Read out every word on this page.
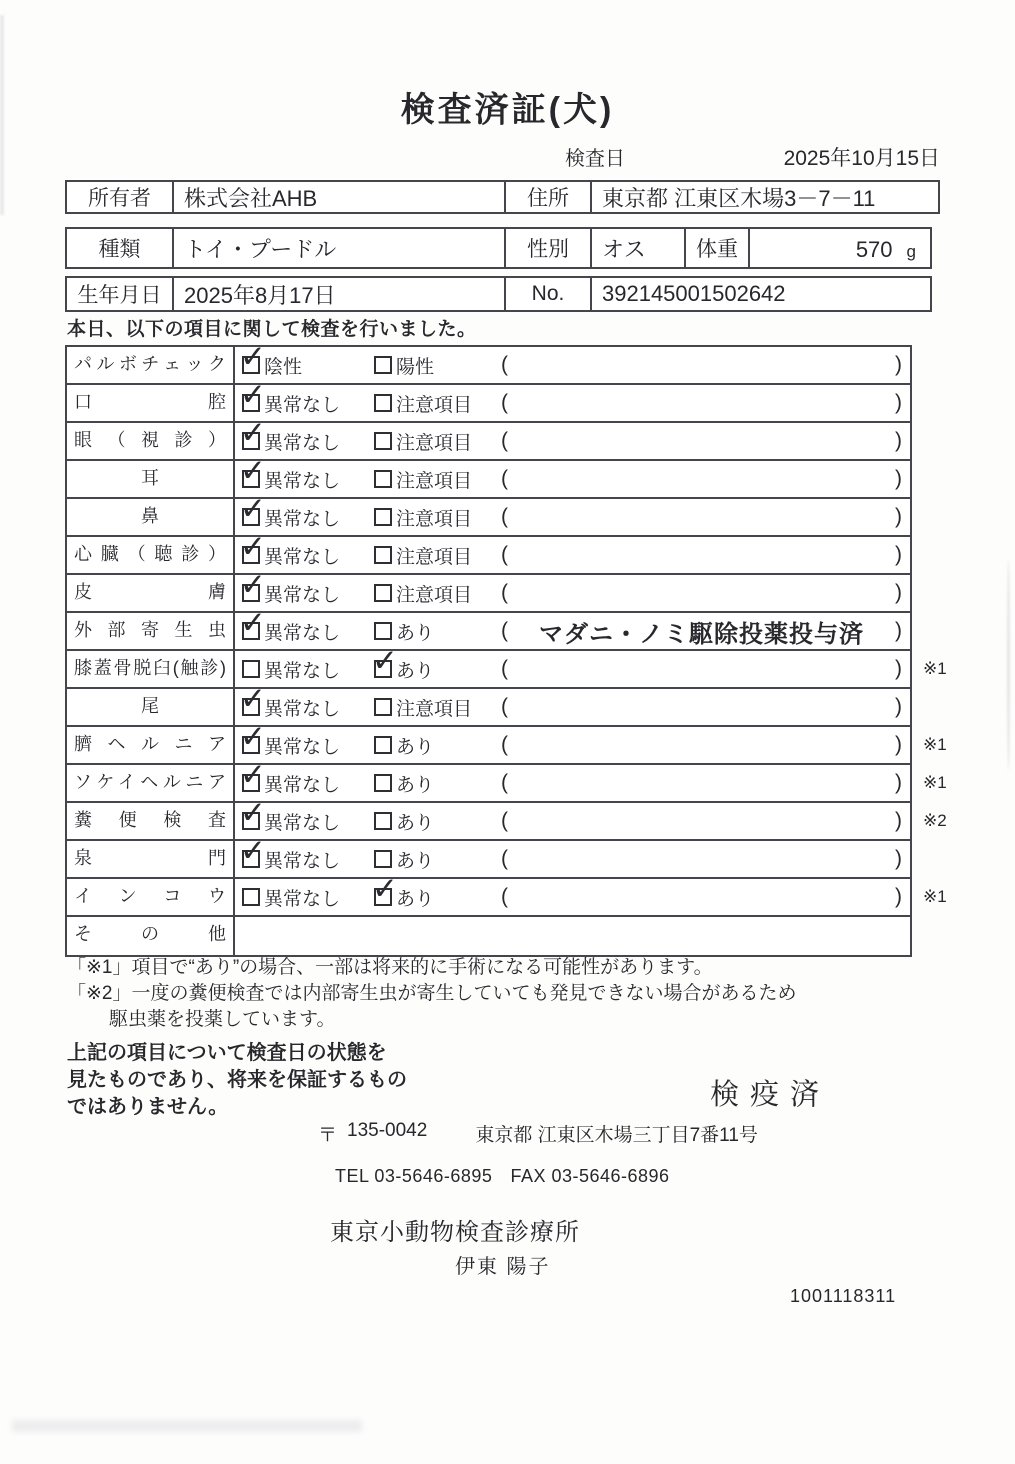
検査済証(犬)
検査日	2025年10月15日
所有者	株式会社AHB	住所	東京都 江東区木場3－7－11
種類	トイ・プードル	性別	オス	体重	570 g
生年月日	2025年8月17日	No.	392145001502642
本日、以下の項目に関して検査を行いました。
パルボチェック ✓	陰性	陽性	(	)
口腔 ✓	異常なし	注意項目 (	)
眼（視診） ✓	異常なし	注意項目 (	)
耳 ✓	異常なし	注意項目 (	)
鼻 ✓	異常なし	注意項目 (	)
心臓（聴診） ✓	異常なし	注意項目 (	)
皮膚 ✓	異常なし	注意項目 (	)
外部寄生虫 ✓	異常なし	あり	( マダニ・ノミ駆除投薬投与済 )
膝蓋骨脱臼(触診)	異常なし ✓	あり	(	) ※1
尾 ✓	異常なし	注意項目 (	)
臍ヘルニア ✓	異常なし	あり	(	) ※1
ソケイヘルニア ✓	異常なし	あり	(	) ※1
糞便検査 ✓	異常なし	あり	(	) ※2
泉門 ✓	異常なし	あり	(	)
インコウ	異常なし ✓	あり	(	) ※1
その他
「※1」項目で“あり”の場合、一部は将来的に手術になる可能性があります。
「※2」一度の糞便検査では内部寄生虫が寄生していても発見できない場合があるため
駆虫薬を投薬しています。
上記の項目について検査日の状態を
見たものであり、将来を保証するもの
ではありません。	検疫済
〒 135-0042	東京都 江東区木場三丁目7番11号
TEL 03-5646-6895 FAX 03-5646-6896
東京小動物検査診療所
伊東 陽子
1001118311
